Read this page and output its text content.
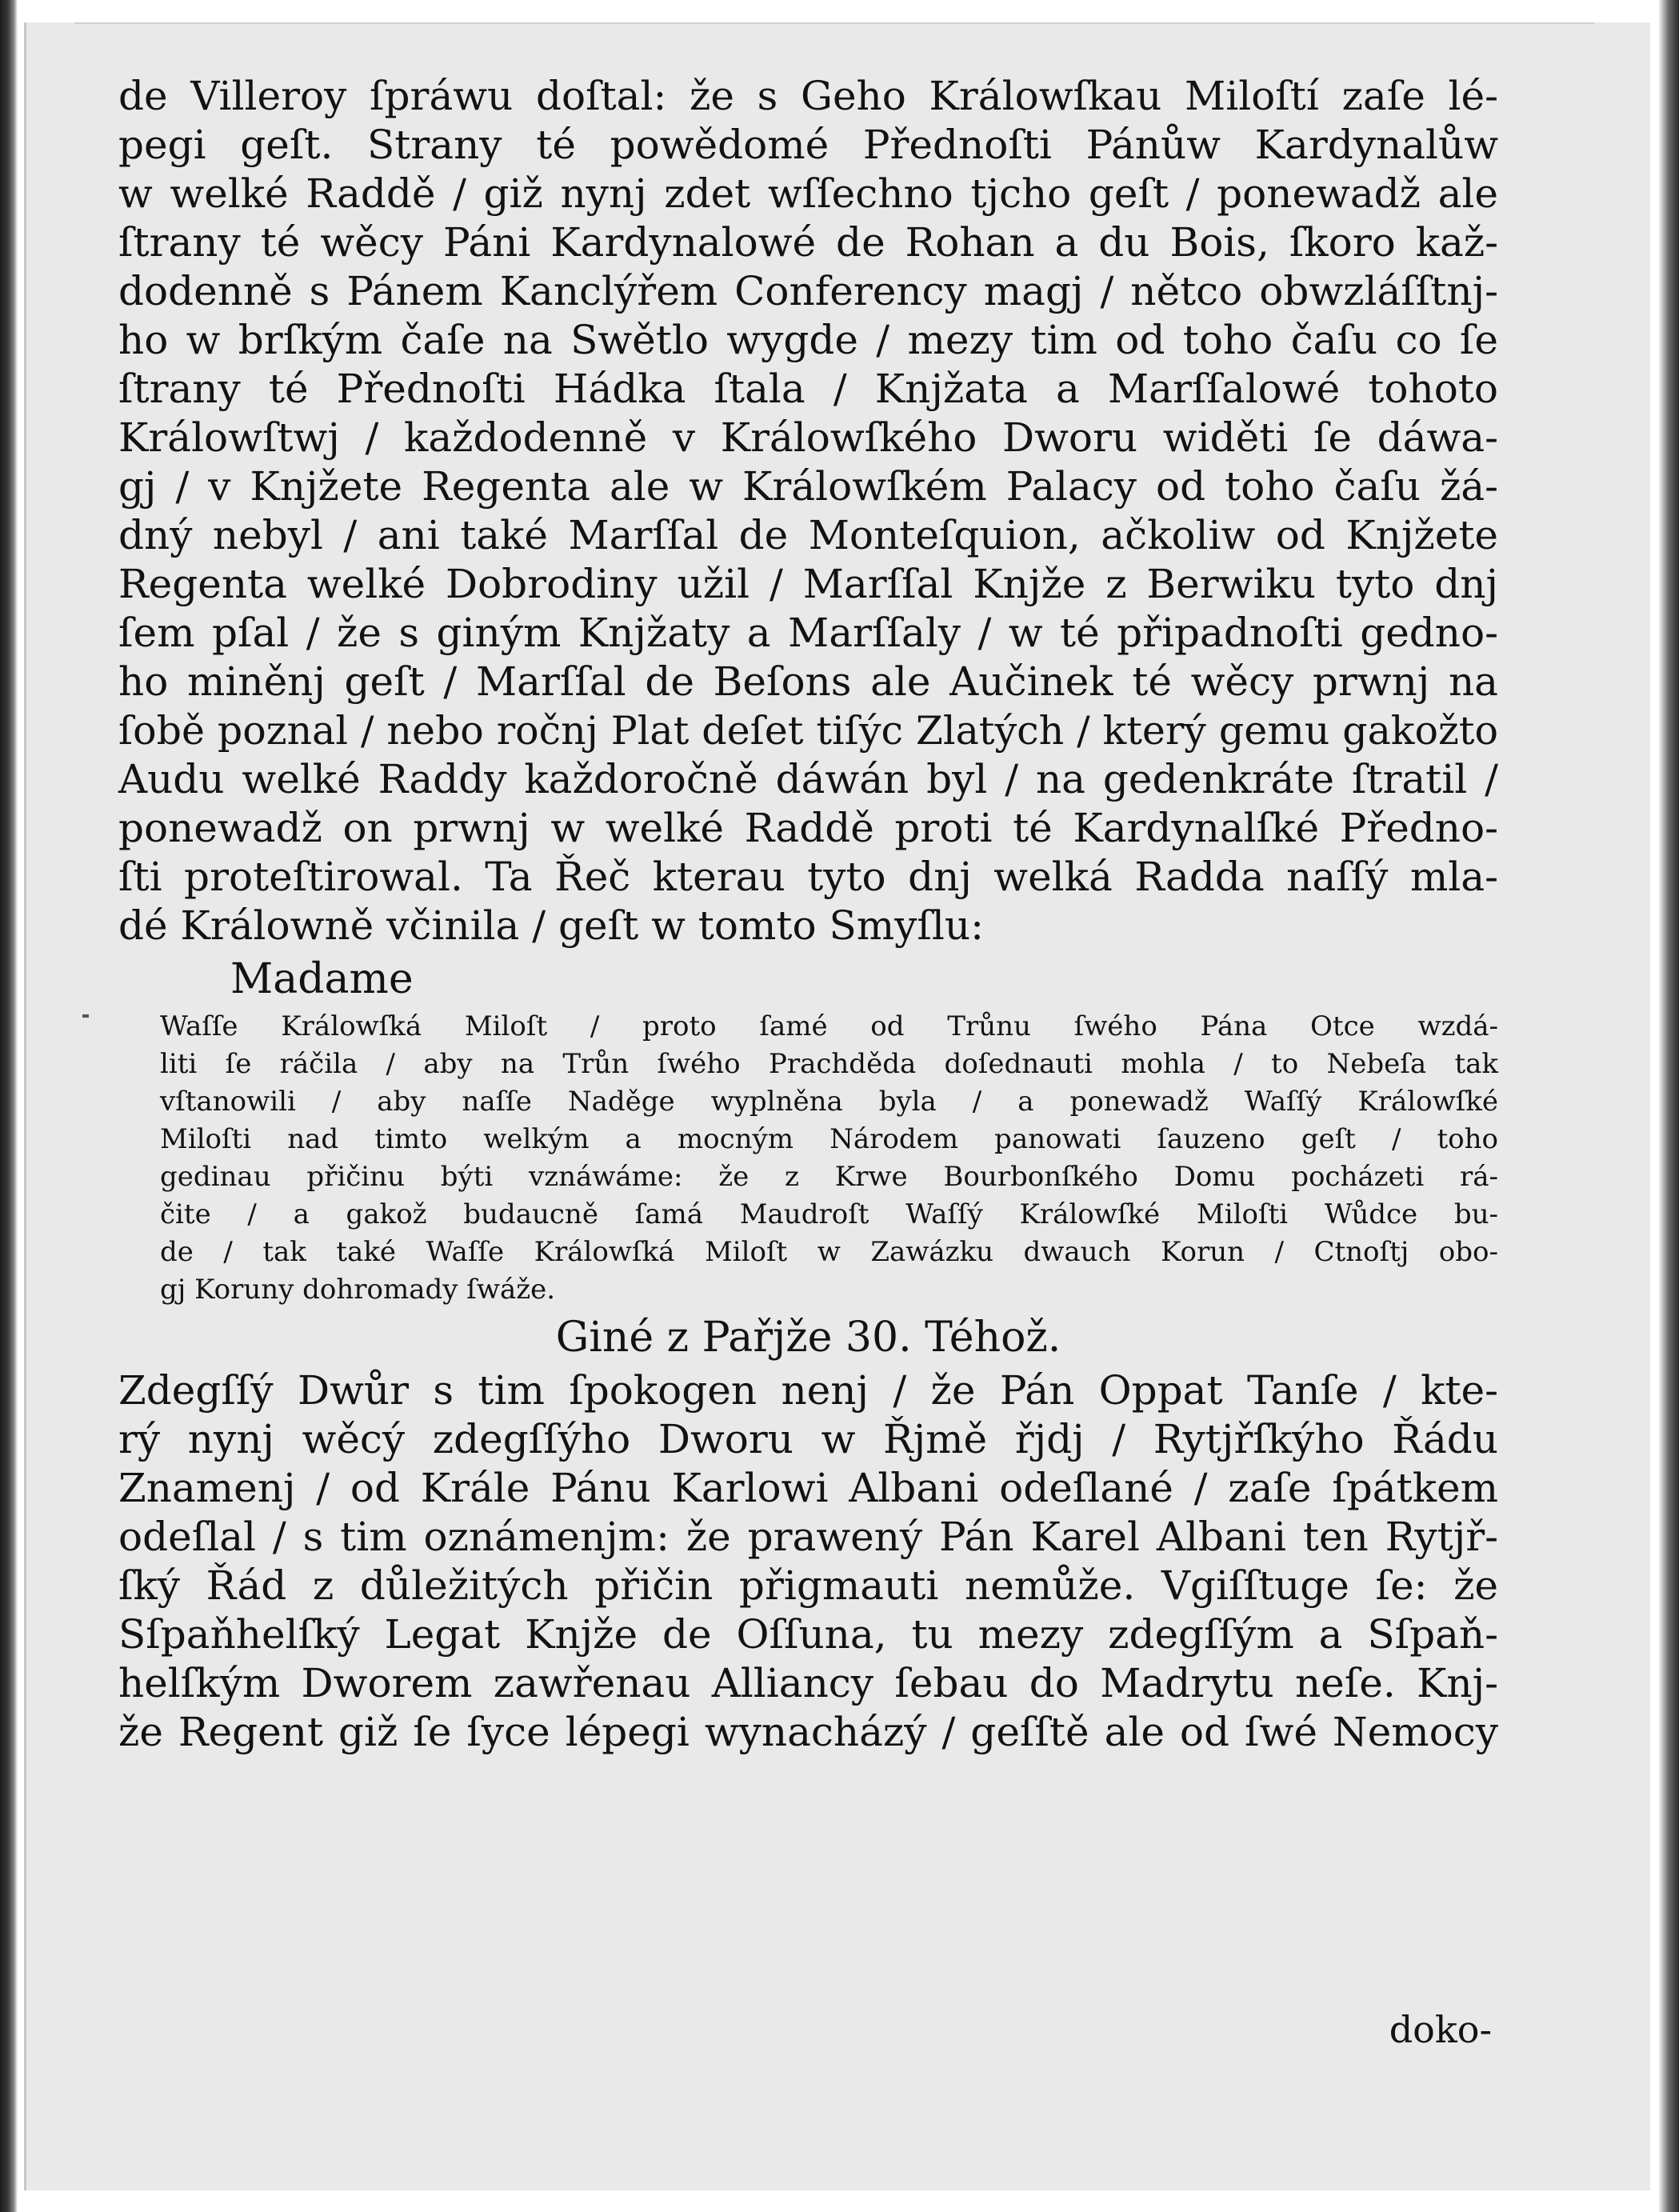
de Villeroy ſpráwu doſtal: že s Geho Králowſkau Miloſtí zaſe lé-
pegi geſt. Strany té powědomé Přednoſti Pánůw Kardynalůw
w welké Raddě / giž nynj zdet wſſechno tjcho geſt / ponewadž ale
ſtrany té wěcy Páni Kardynalowé de Rohan a du Bois, ſkoro kaž-
dodenně s Pánem Kanclýřem Conferency magj / nětco obwzláſſtnj-
ho w brſkým čaſe na Swětlo wygde / mezy tim od toho čaſu co ſe
ſtrany té Přednoſti Hádka ſtala / Knjžata a Marſſalowé tohoto
Králowſtwj / každodenně v Králowſkého Dworu widěti ſe dáwa-
gj / v Knjžete Regenta ale w Králowſkém Palacy od toho čaſu žá-
dný nebyl / ani také Marſſal de Monteſquion, ačkoliw od Knjžete
Regenta welké Dobrodiny užil / Marſſal Knjže z Berwiku tyto dnj
ſem pſal / že s giným Knjžaty a Marſſaly / w té připadnoſti gedno-
ho miněnj geſt / Marſſal de Beſons ale Aučinek té wěcy prwnj na
ſobě poznal / nebo ročnj Plat deſet tiſýc Zlatých / který gemu gakožto
Audu welké Raddy každoročně dáwán byl / na gedenkráte ſtratil /
ponewadž on prwnj w welké Raddě proti té Kardynalſké Předno-
ſti proteſtirowal. Ta Řeč kterau tyto dnj welká Radda naſſý mla-
dé Králowně včinila / geſt w tomto Smyſlu:
Madame
Waſſe Králowſká Miloſt / proto ſamé od Trůnu ſwého Pána Otce wzdá-
liti ſe ráčila / aby na Trůn ſwého Prachděda doſednauti mohla / to Nebeſa tak
vſtanowili / aby naſſe Naděge wyplněna byla / a ponewadž Waſſý Králowſké
Miloſti nad timto welkým a mocným Národem panowati ſauzeno geſt / toho
gedinau přičinu býti vznáwáme: že z Krwe Bourbonſkého Domu pocházeti rá-
čite / a gakož budaucně ſamá Maudroſt Waſſý Králowſké Miloſti Wůdce bu-
de / tak také Waſſe Králowſká Miloſt w Zawázku dwauch Korun / Ctnoſtj obo-
gj Koruny dohromady ſwáže.
Giné z Pařjže 30. Téhož.
Zdegſſý Dwůr s tim ſpokogen nenj / že Pán Oppat Tanſe / kte-
rý nynj wěcý zdegſſýho Dworu w Řjmě řjdj / Rytjřſkýho Řádu
Znamenj / od Krále Pánu Karlowi Albani odeſlané / zaſe ſpátkem
odeſlal / s tim oznámenjm: že prawený Pán Karel Albani ten Rytjř-
ſký Řád z důležitých přičin přigmauti nemůže. Vgiſſtuge ſe: že
Sſpaňhelſký Legat Knjže de Oſſuna, tu mezy zdegſſým a Sſpaň-
helſkým Dworem zawřenau Alliancy ſebau do Madrytu neſe. Knj-
že Regent giž ſe ſyce lépegi wynacházý / geſſtě ale od ſwé Nemocy
doko-
